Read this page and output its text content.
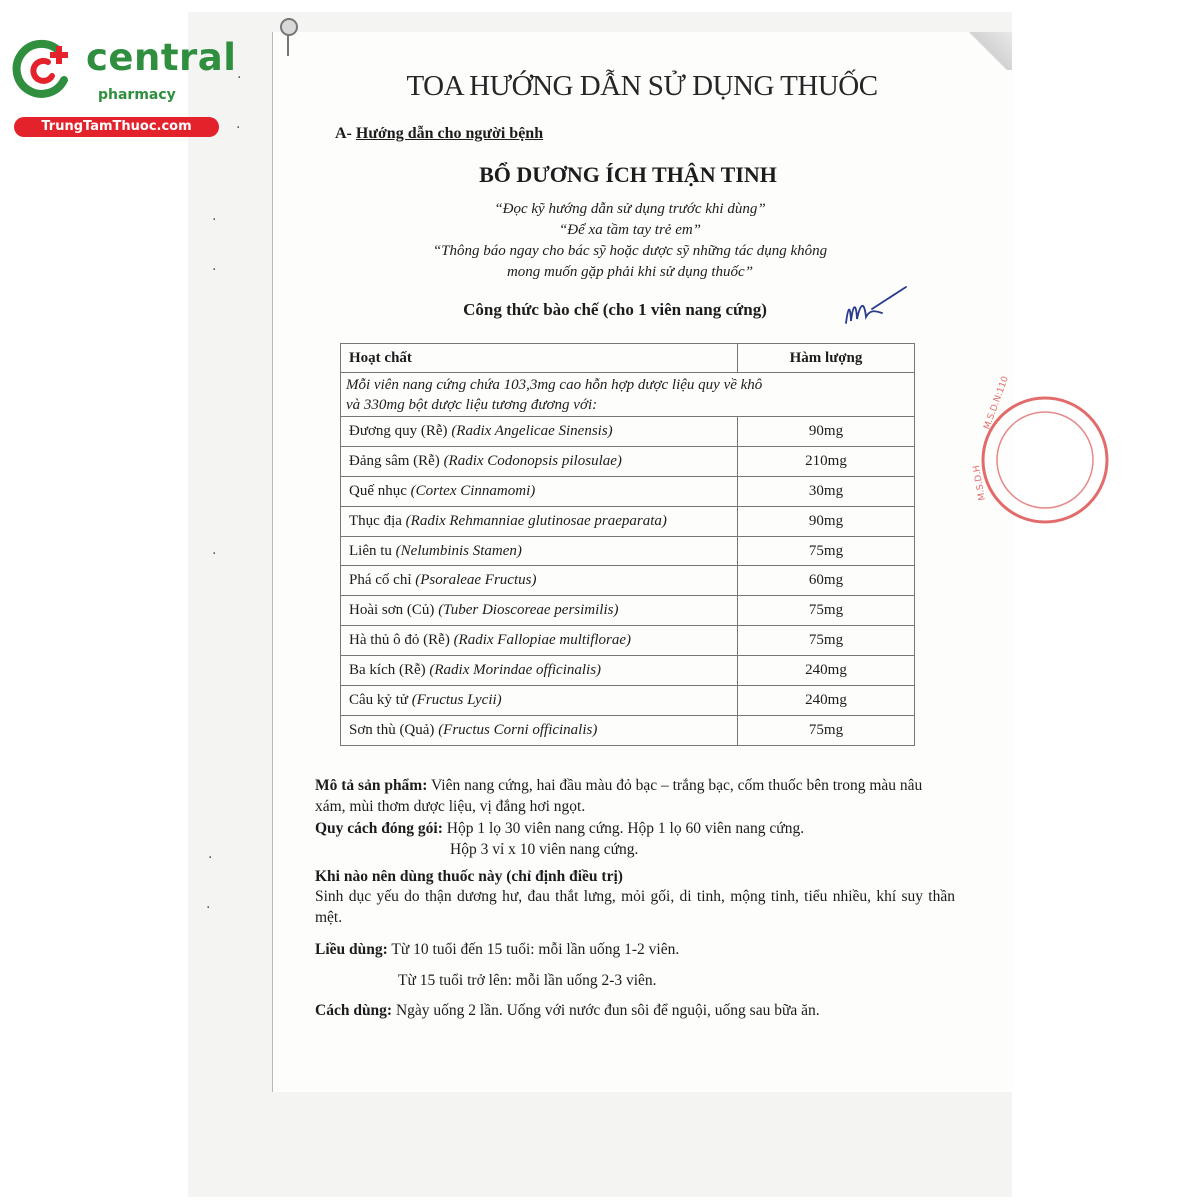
·
·
·
·
·
·
·
central
pharmacy
TrungTamThuoc.com
TOA HƯỚNG DẪN SỬ DỤNG THUỐC
A- Hướng dẫn cho người bệnh
BỔ DƯƠNG ÍCH THẬN TINH
“Đọc kỹ hướng dẫn sử dụng trước khi dùng”
“Để xa tầm tay trẻ em”
“Thông báo ngay cho bác sỹ hoặc dược sỹ những tác dụng không
mong muốn gặp phải khi sử dụng thuốc”
Công thức bào chế (cho 1 viên nang cứng)
M.S.D.N:110
M.S.D.H
Hoạt chất	Hàm lượng

Mỗi viên nang cứng chứa 103,3mg cao hỗn hợp dược liệu quy về khô
và 330mg bột dược liệu tương đương với:	

Đương quy (Rễ) (Radix Angelicae Sinensis)	90mg
Đảng sâm (Rễ) (Radix Codonopsis pilosulae)	210mg
Quế nhục (Cortex Cinnamomi)	30mg
Thục địa (Radix Rehmanniae glutinosae praeparata)	90mg
Liên tu (Nelumbinis Stamen)	75mg
Phá cố chỉ (Psoraleae Fructus)	60mg
Hoài sơn (Củ) (Tuber Dioscoreae persimilis)	75mg
Hà thủ ô đỏ (Rễ) (Radix Fallopiae multiflorae)	75mg
Ba kích (Rễ) (Radix Morindae officinalis)	240mg
Câu kỷ tử (Fructus Lycii)	240mg
Sơn thù (Quả) (Fructus Corni officinalis)	75mg
Mô tả sản phẩm: Viên nang cứng, hai đầu màu đỏ bạc – trắng bạc, cốm thuốc bên trong màu nâu xám, mùi thơm dược liệu, vị đắng hơi ngọt.
Quy cách đóng gói: Hộp 1 lọ 30 viên nang cứng. Hộp 1 lọ 60 viên nang cứng.
Hộp 3 vỉ x 10 viên nang cứng.
Khi nào nên dùng thuốc này (chỉ định điều trị)
Sinh dục yếu do thận dương hư, đau thắt lưng, mỏi gối, di tinh, mộng tinh, tiểu nhiều, khí suy thần mệt.
Liều dùng: Từ 10 tuổi đến 15 tuổi: mỗi lần uống 1-2 viên.
Từ 15 tuổi trở lên: mỗi lần uống 2-3 viên.
Cách dùng: Ngày uống 2 lần. Uống với nước đun sôi để nguội, uống sau bữa ăn.
